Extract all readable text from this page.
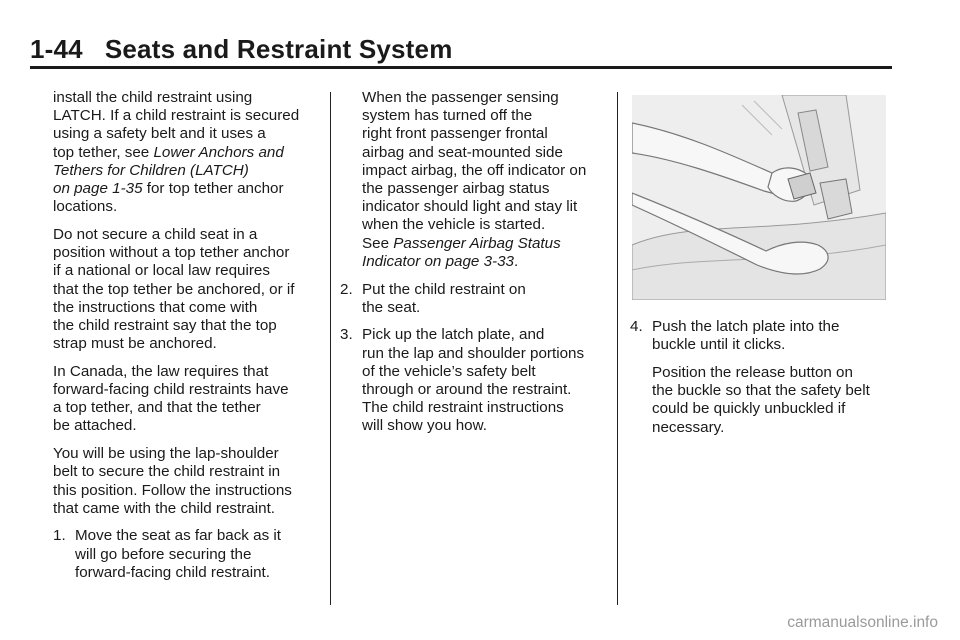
1-44 Seats and Restraint System

install the child restraint using
LATCH. If a child restraint is secured
using a safety belt and it uses a
top tether, see Lower Anchors and
Tethers for Children (LATCH)
on page 1-35 for top tether anchor
locations.

Do not secure a child seat in a
position without a top tether anchor
if a national or local law requires
that the top tether be anchored, or if
the instructions that come with
the child restraint say that the top
strap must be anchored.

In Canada, the law requires that
forward-facing child restraints have
a top tether, and that the tether
be attached.

You will be using the lap-shoulder
belt to secure the child restraint in
this position. Follow the instructions
that came with the child restraint.

1. Move the seat as far back as it
will go before securing the
forward-facing child restraint.

When the passenger sensing
system has turned off the
right front passenger frontal
airbag and seat-mounted side
impact airbag, the off indicator on
the passenger airbag status
indicator should light and stay lit
when the vehicle is started.
See Passenger Airbag Status
Indicator on page 3-33.

2. Put the child restraint on
the seat.
3. Pick up the latch plate, and
run the lap and shoulder portions
of the vehicle’s safety belt
through or around the restraint.
The child restraint instructions
will show you how.
4. Push the latch plate into the
buckle until it clicks.

Position the release button on
the buckle so that the safety belt
could be quickly unbuckled if
necessary.

carmanualsonline.info
